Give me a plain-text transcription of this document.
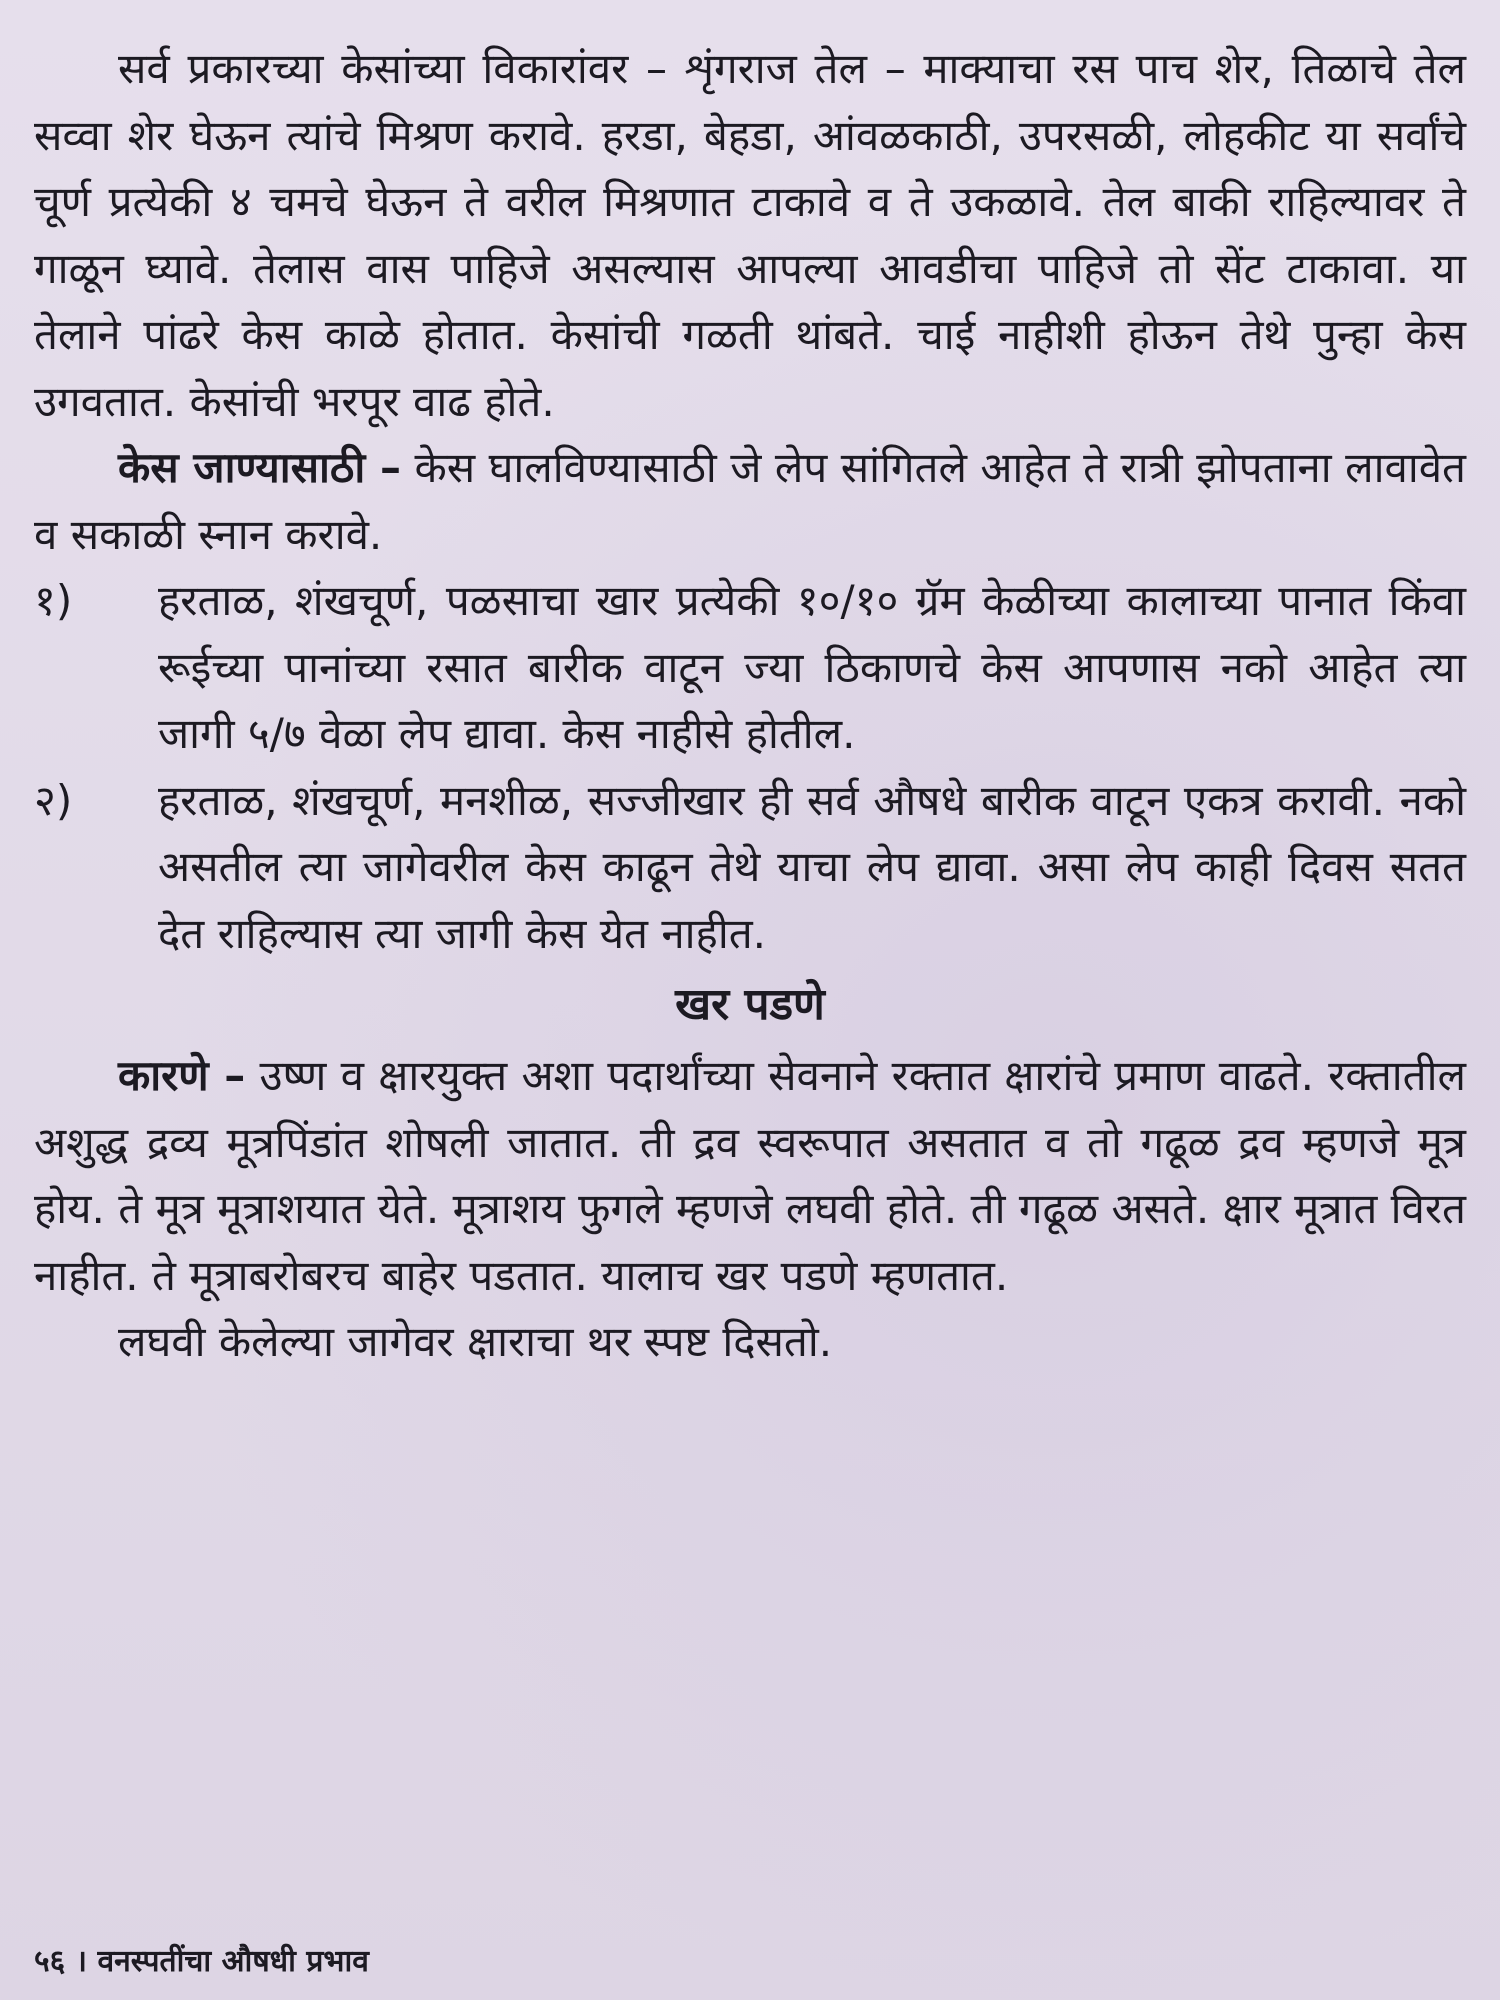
सर्व प्रकारच्या केसांच्या विकारांवर – शृंगराज तेल – माक्याचा रस पाच शेर, तिळाचे तेल सव्वा शेर घेऊन त्यांचे मिश्रण करावे. हरडा, बेहडा, आंवळकाठी, उपरसळी, लोहकीट या सर्वांचे चूर्ण प्रत्येकी ४ चमचे घेऊन ते वरील मिश्रणात टाकावे व ते उकळावे. तेल बाकी राहिल्यावर ते गाळून घ्यावे. तेलास वास पाहिजे असल्यास आपल्या आवडीचा पाहिजे तो सेंट टाकावा. या तेलाने पांढरे केस काळे होतात. केसांची गळती थांबते. चाई नाहीशी होऊन तेथे पुन्हा केस उगवतात. केसांची भरपूर वाढ होते.

केस जाण्यासाठी – केस घालविण्यासाठी जे लेप सांगितले आहेत ते रात्री झोपताना लावावेत व सकाळी स्नान करावे.

१)	हरताळ, शंखचूर्ण, पळसाचा खार प्रत्येकी १०/१० ग्रॅम केळीच्या कालाच्या पानात किंवा रूईच्या पानांच्या रसात बारीक वाटून ज्या ठिकाणचे केस आपणास नको आहेत त्या जागी ५/७ वेळा लेप द्यावा. केस नाहीसे होतील.
२)	हरताळ, शंखचूर्ण, मनशीळ, सज्जीखार ही सर्व औषधे बारीक वाटून एकत्र करावी. नको असतील त्या जागेवरील केस काढून तेथे याचा लेप द्यावा. असा लेप काही दिवस सतत देत राहिल्यास त्या जागी केस येत नाहीत.
खर पडणे

कारणे – उष्ण व क्षारयुक्त अशा पदार्थांच्या सेवनाने रक्तात क्षारांचे प्रमाण वाढते. रक्तातील अशुद्ध द्रव्य मूत्रपिंडांत शोषली जातात. ती द्रव स्वरूपात असतात व तो गढूळ द्रव म्हणजे मूत्र होय. ते मूत्र मूत्राशयात येते. मूत्राशय फुगले म्हणजे लघवी होते. ती गढूळ असते. क्षार मूत्रात विरत नाहीत. ते मूत्राबरोबरच बाहेर पडतात. यालाच खर पडणे म्हणतात.

लघवी केलेल्या जागेवर क्षाराचा थर स्पष्ट दिसतो.

५६ । वनस्पतींचा औषधी प्रभाव
